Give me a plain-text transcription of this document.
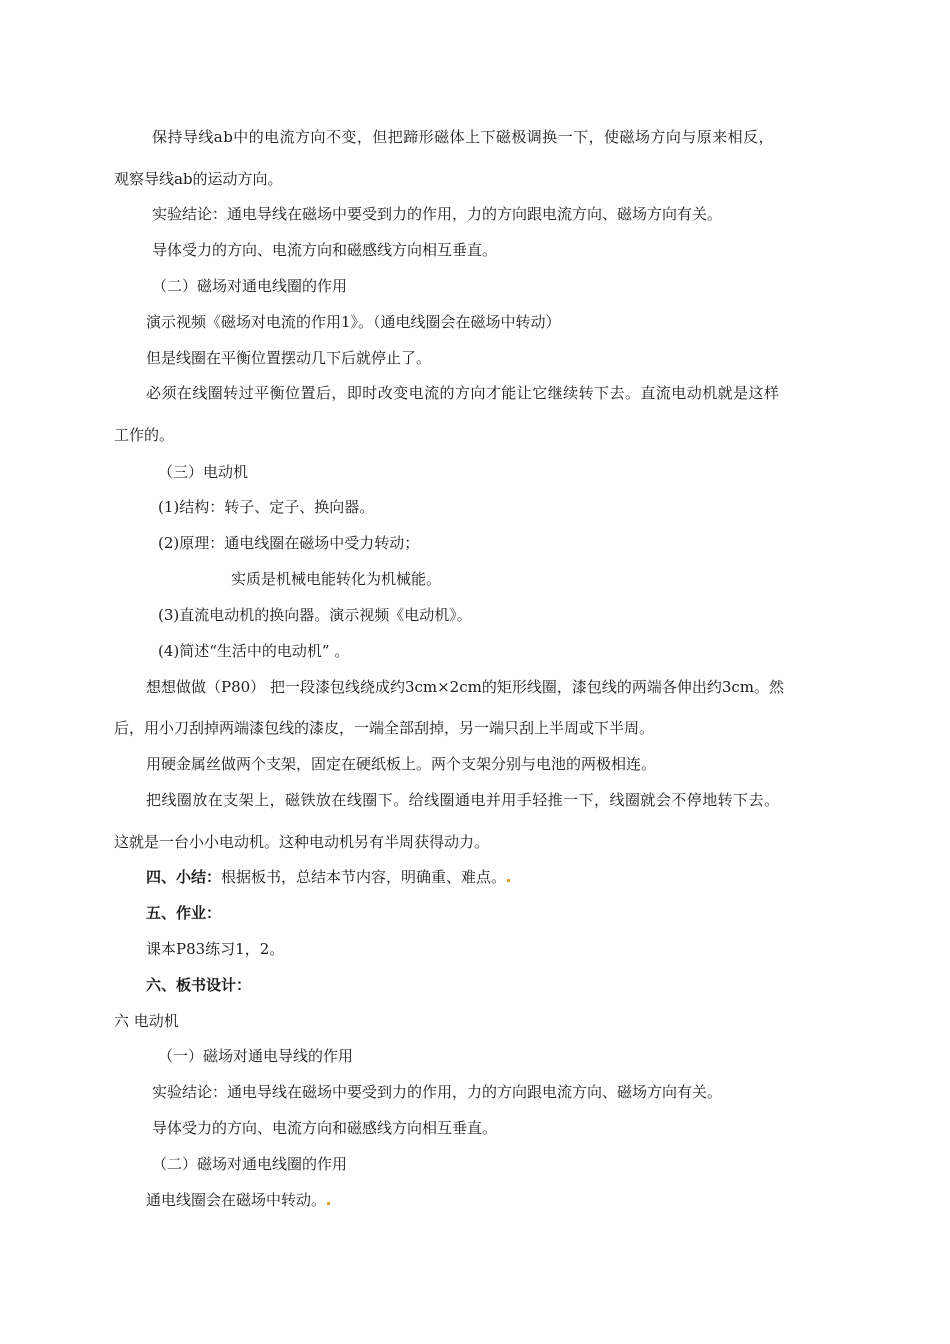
保持导线ab中的电流方向不变，但把蹄形磁体上下磁极调换一下，使磁场方向与原来相反，
观察导线ab的运动方向。
实验结论：通电导线在磁场中要受到力的作用，力的方向跟电流方向、磁场方向有关。
导体受力的方向、电流方向和磁感线方向相互垂直。
（二）磁场对通电线圈的作用
演示视频《磁场对电流的作用1》。（通电线圈会在磁场中转动）
但是线圈在平衡位置摆动几下后就停止了。
必须在线圈转过平衡位置后，即时改变电流的方向才能让它继续转下去。直流电动机就是这样
工作的。
（三）电动机
(1)结构：转子、定子、换向器。
(2)原理：通电线圈在磁场中受力转动；
实质是机械电能转化为机械能。
(3)直流电动机的换向器。演示视频《电动机》。
(4)简述“生活中的电动机” 。
想想做做（P80） 把一段漆包线绕成约3cm×2cm的矩形线圈，漆包线的两端各伸出约3cm。然
后，用小刀刮掉两端漆包线的漆皮，一端全部刮掉，另一端只刮上半周或下半周。
用硬金属丝做两个支架，固定在硬纸板上。两个支架分别与电池的两极相连。
把线圈放在支架上，磁铁放在线圈下。给线圈通电并用手轻推一下，线圈就会不停地转下去。
这就是一台小小电动机。这种电动机另有半周获得动力。
四、小结：根据板书，总结本节内容，明确重、难点。
五、作业：
课本P83练习1，2。
六、板书设计：
六 电动机
（一）磁场对通电导线的作用
实验结论：通电导线在磁场中要受到力的作用，力的方向跟电流方向、磁场方向有关。
导体受力的方向、电流方向和磁感线方向相互垂直。
（二）磁场对通电线圈的作用
通电线圈会在磁场中转动。
